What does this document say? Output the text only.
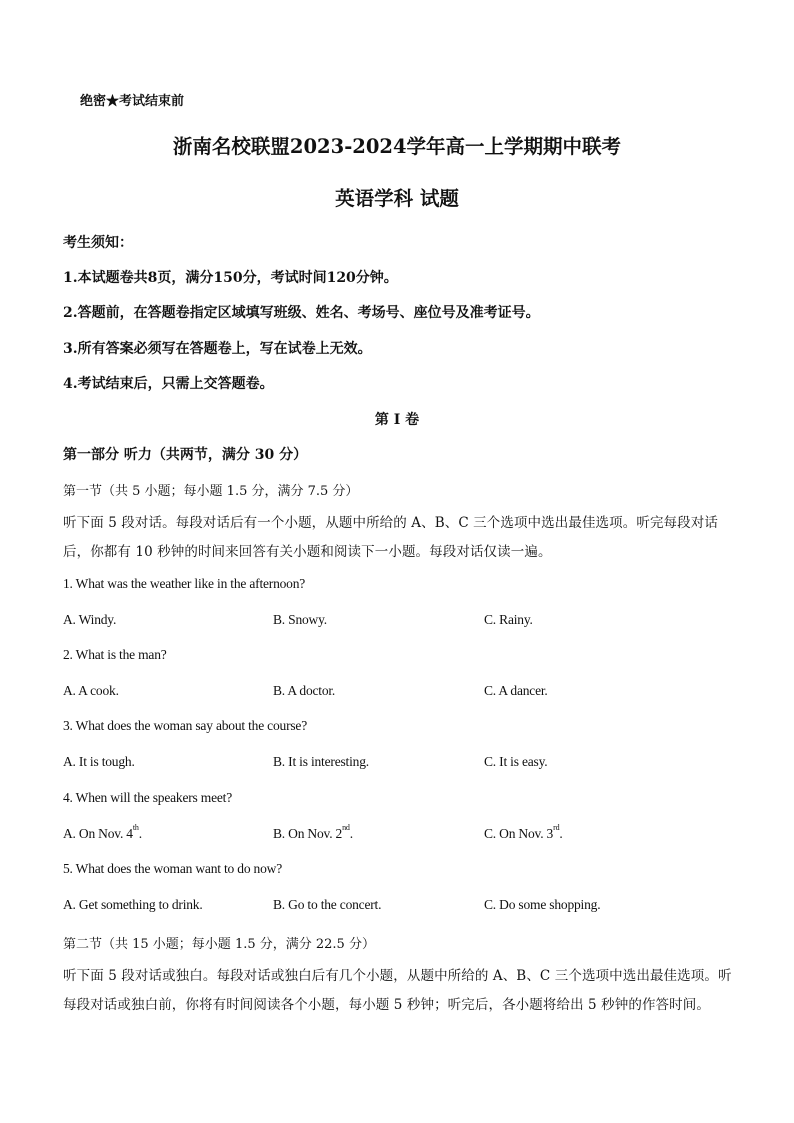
绝密★考试结束前
浙南名校联盟2023-2024学年高一上学期期中联考
英语学科 试题
考生须知：
1.本试题卷共8页，满分150分，考试时间120分钟。
2.答题前，在答题卷指定区域填写班级、姓名、考场号、座位号及准考证号。
3.所有答案必须写在答题卷上，写在试卷上无效。
4.考试结束后，只需上交答题卷。
第 I 卷
第一部分 听力（共两节，满分 30 分）
第一节（共 5 小题；每小题 1.5 分，满分 7.5 分）
听下面 5 段对话。每段对话后有一个小题，从题中所给的 A、B、C 三个选项中选出最佳选项。听完每段对话后，你都有 10 秒钟的时间来回答有关小题和阅读下一小题。每段对话仅读一遍。
1. What was the weather like in the afternoon?
A. Windy.	B. Snowy.	C. Rainy.
2. What is the man?
A. A cook.	B. A doctor.	C. A dancer.
3. What does the woman say about the course?
A. It is tough.	B. It is interesting.	C. It is easy.
4. When will the speakers meet?
A. On Nov. 4th.	B. On Nov. 2nd.	C. On Nov. 3rd.
5. What does the woman want to do now?
A. Get something to drink.	B. Go to the concert.	C. Do some shopping.
第二节（共 15 小题；每小题 1.5 分，满分 22.5 分）
听下面 5 段对话或独白。每段对话或独白后有几个小题，从题中所给的 A、B、C 三个选项中选出最佳选项。听每段对话或独白前，你将有时间阅读各个小题，每小题 5 秒钟；听完后，各小题将给出 5 秒钟的作答时间。
